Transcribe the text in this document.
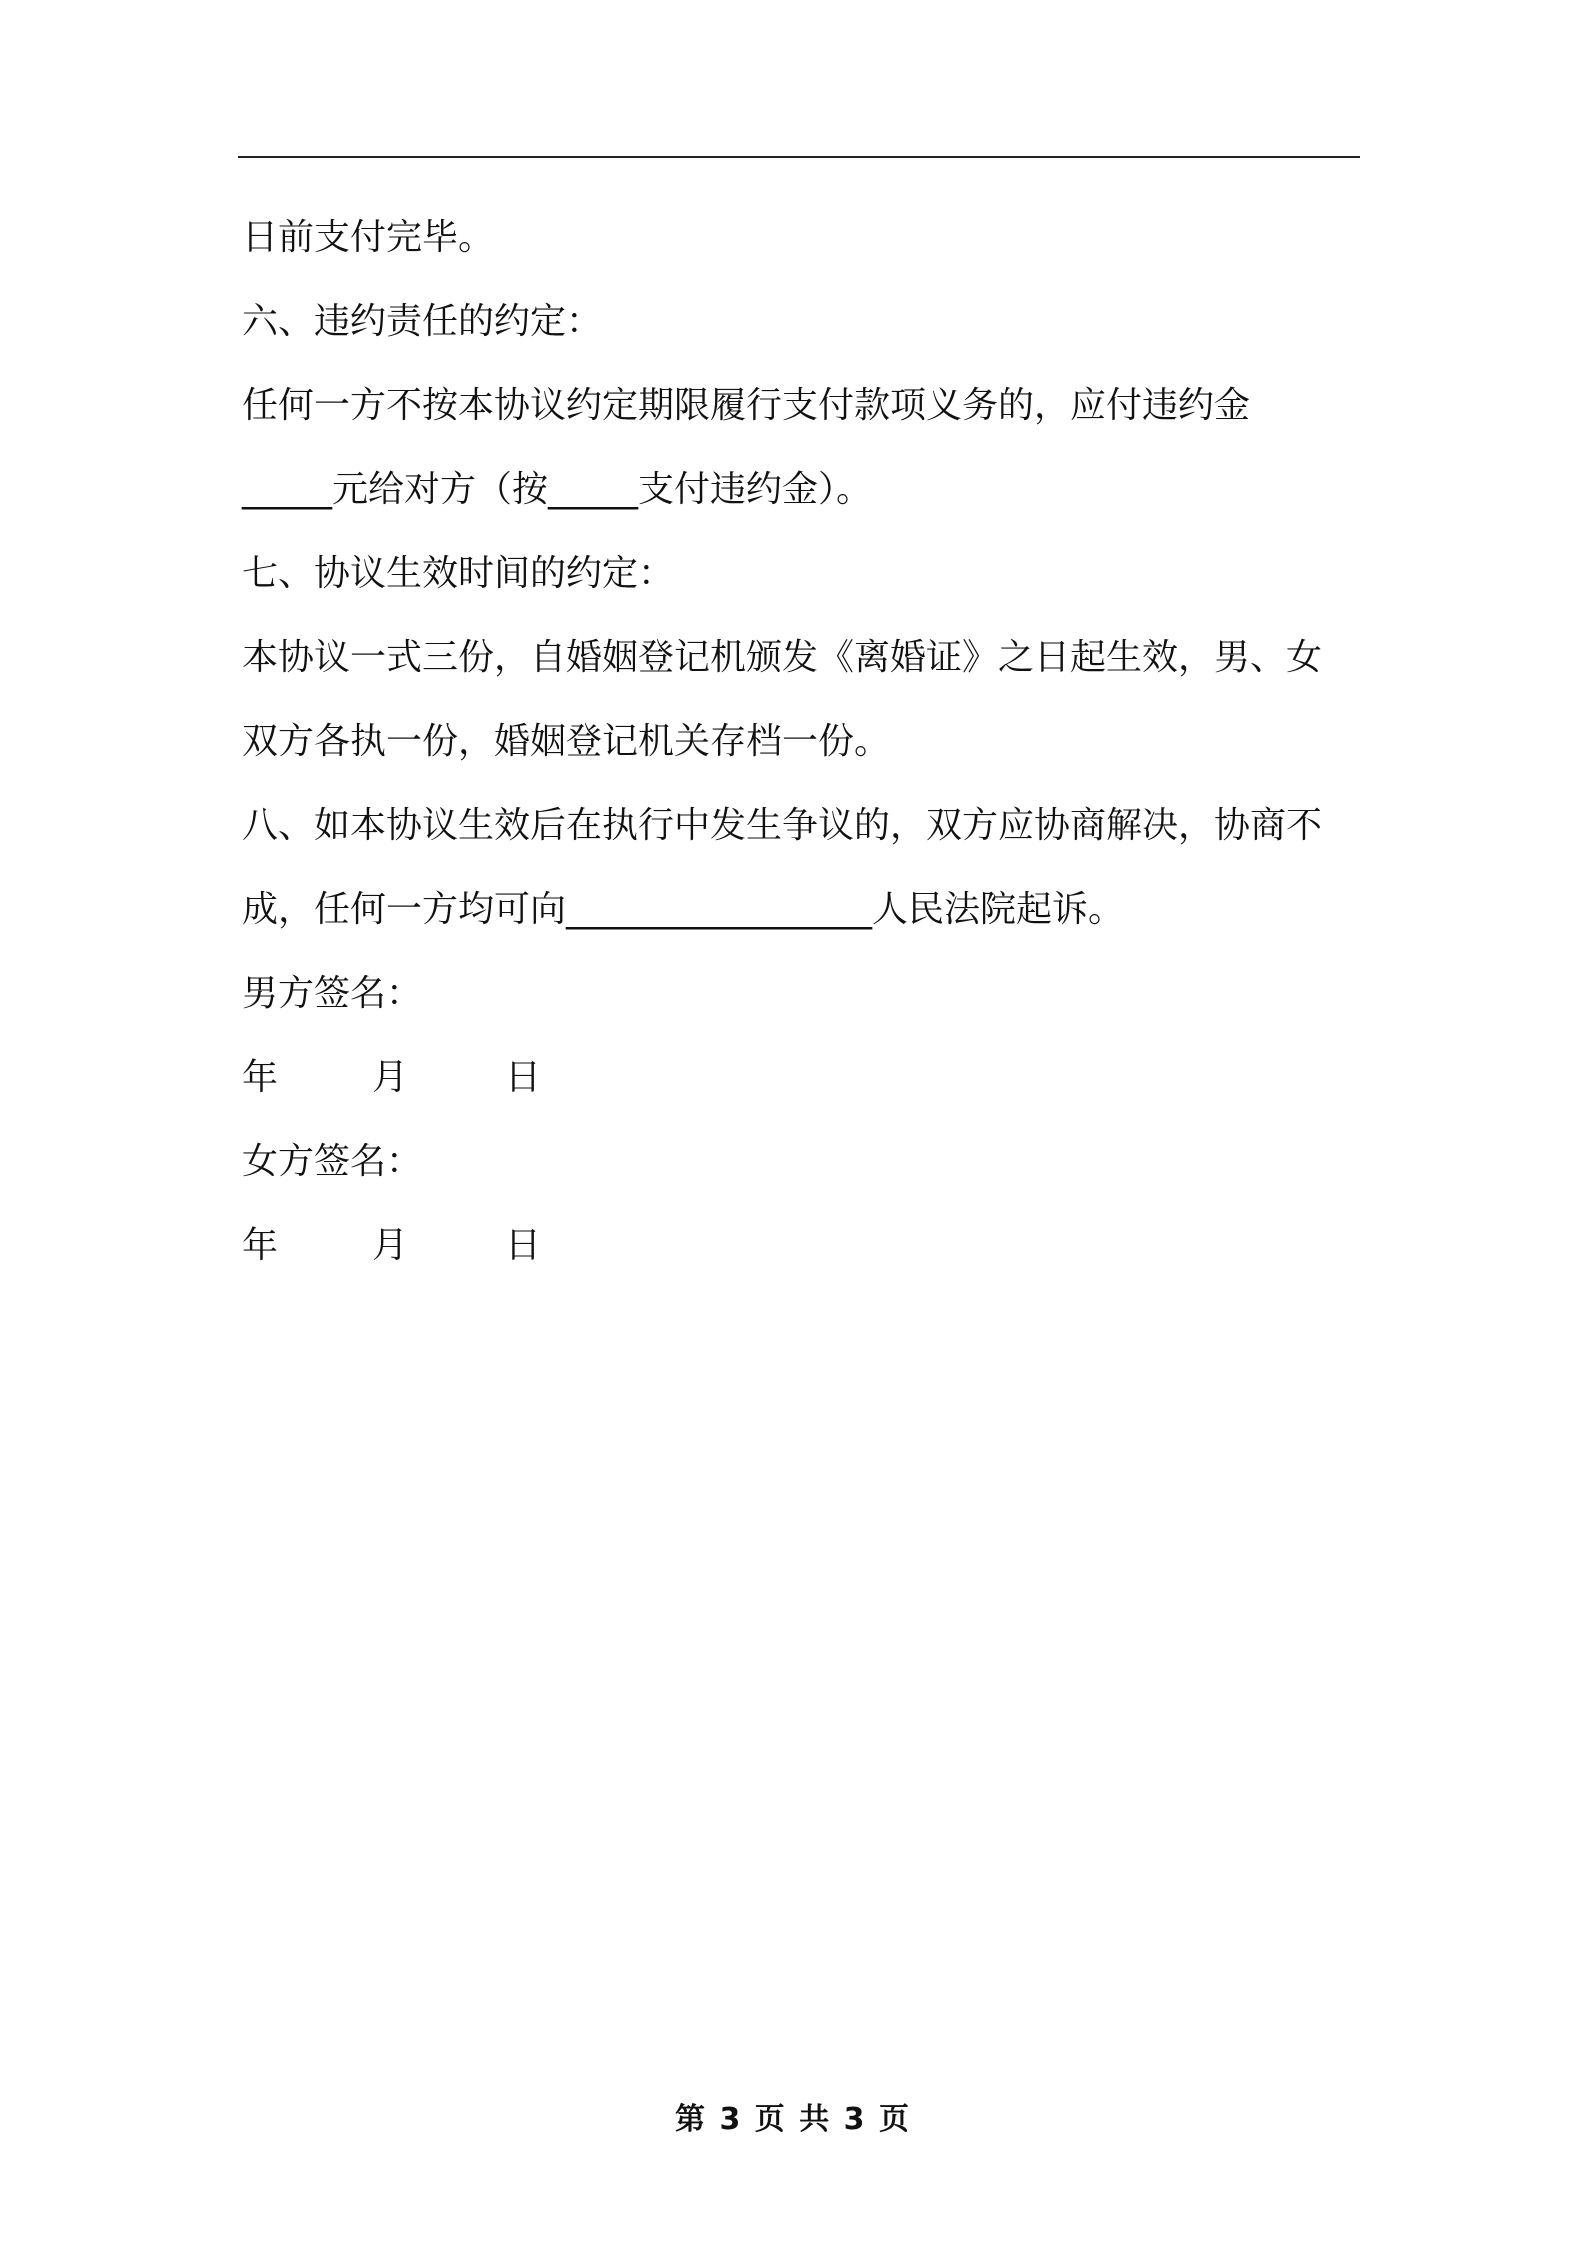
日前支付完毕。

六、违约责任的约定：

任何一方不按本协议约定期限履行支付款项义务的，应付违约金

_____元给对方（按_____支付违约金）。

七、协议生效时间的约定：

本协议一式三份，自婚姻登记机颁发《离婚证》之日起生效，男、女

双方各执一份，婚姻登记机关存档一份。

八、如本协议生效后在执行中发生争议的，双方应协商解决，协商不

成，任何一方均可向_________________人民法院起诉。

男方签名：

年	月	日

女方签名：

年	月	日
第 3 页 共 3 页
